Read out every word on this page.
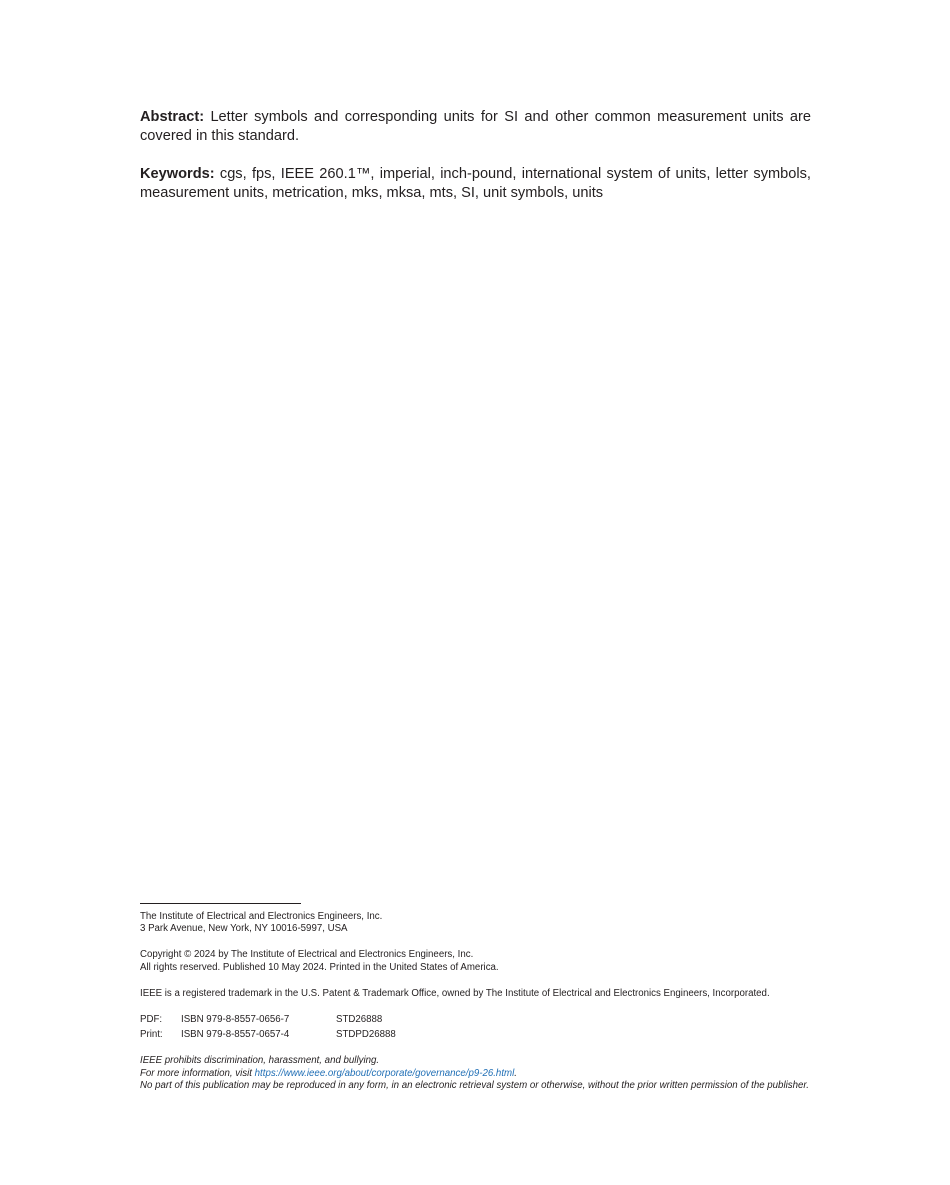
Abstract: Letter symbols and corresponding units for SI and other common measurement units are covered in this standard.

Keywords: cgs, fps, IEEE 260.1™, imperial, inch-pound, international system of units, letter symbols, measurement units, metrication, mks, mksa, mts, SI, unit symbols, units

The Institute of Electrical and Electronics Engineers, Inc.
3 Park Avenue, New York, NY 10016-5997, USA
Copyright © 2024 by The Institute of Electrical and Electronics Engineers, Inc.
All rights reserved. Published 10 May 2024. Printed in the United States of America.
IEEE is a registered trademark in the U.S. Patent & Trademark Office, owned by The Institute of Electrical and Electronics Engineers, Incorporated.
PDF:	ISBN 979-8-8557-0656-7	STD26888
Print:	ISBN 979-8-8557-0657-4	STDPD26888
IEEE prohibits discrimination, harassment, and bullying.
For more information, visit https://www.ieee.org/about/corporate/governance/p9-26.html.
No part of this publication may be reproduced in any form, in an electronic retrieval system or otherwise, without the prior written permission of the publisher.
